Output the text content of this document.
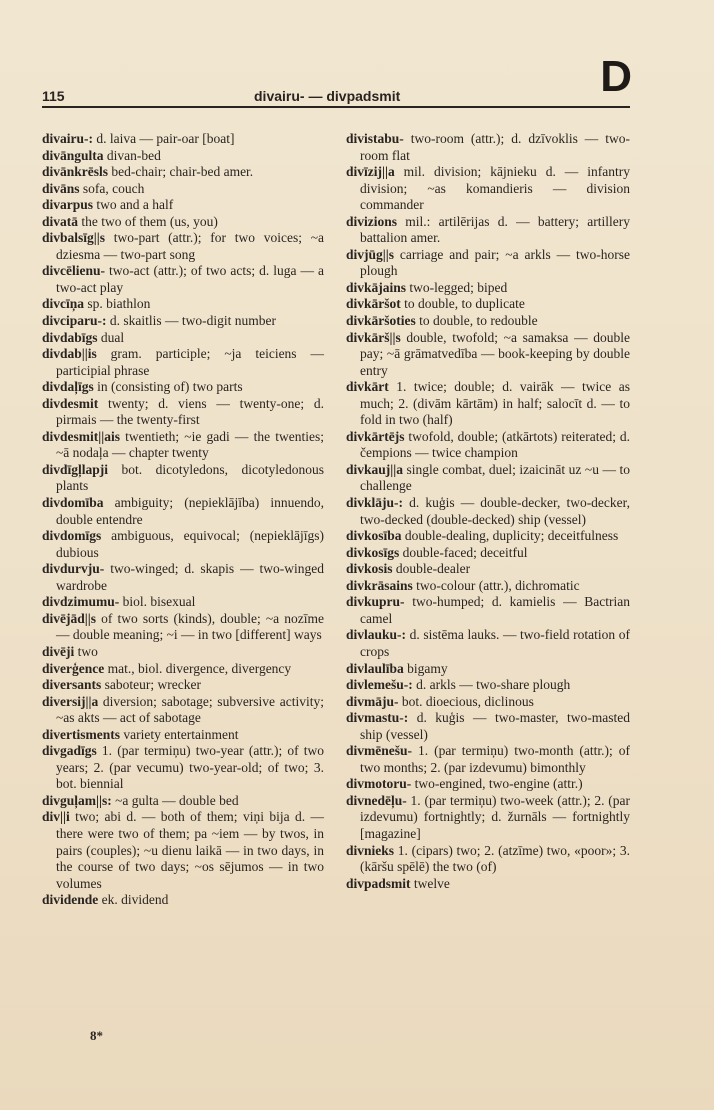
115	divairu- — divpadsmit	D
divairu-: d. laiva — pair-oar [boat]
divāngulta divan-bed
divānkrēsls bed-chair; chair-bed amer.
divāns sofa, couch
divarpus two and a half
divatā the two of them (us, you)
divbalsīg||s two-part (attr.); for two voices; ~a dziesma — two-part song
divcēlienu- two-act (attr.); of two acts; d. luga — a two-act play
divcīņa sp. biathlon
divciparu-: d. skaitlis — two-digit number
divdabīgs dual
divdab||is gram. participle; ~ja teiciens — participial phrase
divdaļīgs in (consisting of) two parts
divdesmit twenty; d. viens — twenty-one; d. pirmais — the twenty-first
divdesmit||ais twentieth; ~ie gadi — the twenties; ~ā nodaļa — chapter twenty
divdīgļlapji bot. dicotyledons, dicotyledonous plants
divdomība ambiguity; (nepieklājība) innuendo, double entendre
divdomīgs ambiguous, equivocal; (nepieklājīgs) dubious
divdurvju- two-winged; d. skapis — two-winged wardrobe
divdzimumu- biol. bisexual
divējād||s of two sorts (kinds), double; ~a nozīme — double meaning; ~i — in two [different] ways
divēji two
diverģence mat., biol. divergence, divergency
diversants saboteur; wrecker
diversij||a diversion; sabotage; subversive activity; ~as akts — act of sabotage
divertisments variety entertainment
divgadīgs 1. (par termiņu) two-year (attr.); of two years; 2. (par vecumu) two-year-old; of two; 3. bot. biennial
divguļam||s: ~a gulta — double bed
div||i two; abi d. — both of them; viņi bija d. — there were two of them; pa ~iem — by twos, in pairs (couples); ~u dienu laikā — in two days, in the course of two days; ~os sējumos — in two volumes
dividende ek. dividend
divistabu- two-room (attr.); d. dzīvoklis — two-room flat
divīzij||a mil. division; kājnieku d. — infantry division; ~as komandieris — division commander
divizions mil.: artilērijas d. — battery; artillery battalion amer.
divjūg||s carriage and pair; ~a arkls — two-horse plough
divkājains two-legged; biped
divkāršot to double, to duplicate
divkāršoties to double, to redouble
divkārš||s double, twofold; ~a samaksa — double pay; ~ā grāmatvedība — book-keeping by double entry
divkārt 1. twice; double; d. vairāk — twice as much; 2. (divām kārtām) in half; salocīt d. — to fold in two (half)
divkārtējs twofold, double; (atkārtots) reiterated; d. čempions — twice champion
divkauj||a single combat, duel; izaicināt uz ~u — to challenge
divklāju-: d. kuģis — double-decker, two-decker, two-decked (double-decked) ship (vessel)
divkosība double-dealing, duplicity; deceitfulness
divkosīgs double-faced; deceitful
divkosis double-dealer
divkrāsains two-colour (attr.), dichromatic
divkupru- two-humped; d. kamielis — Bactrian camel
divlauku-: d. sistēma lauks. — two-field rotation of crops
divlaulība bigamy
divlemešu-: d. arkls — two-share plough
divmāju- bot. dioecious, diclinous
divmastu-: d. kuģis — two-master, two-masted ship (vessel)
divmēnešu- 1. (par termiņu) two-month (attr.); of two months; 2. (par izdevumu) bimonthly
divmotoru- two-engined, two-engine (attr.)
divnedēļu- 1. (par termiņu) two-week (attr.); 2. (par izdevumu) fortnightly; d. žurnāls — fortnightly [magazine]
divnieks 1. (cipars) two; 2. (atzīme) two, «poor»; 3. (kāršu spēlē) the two (of)
divpadsmit twelve
8*
